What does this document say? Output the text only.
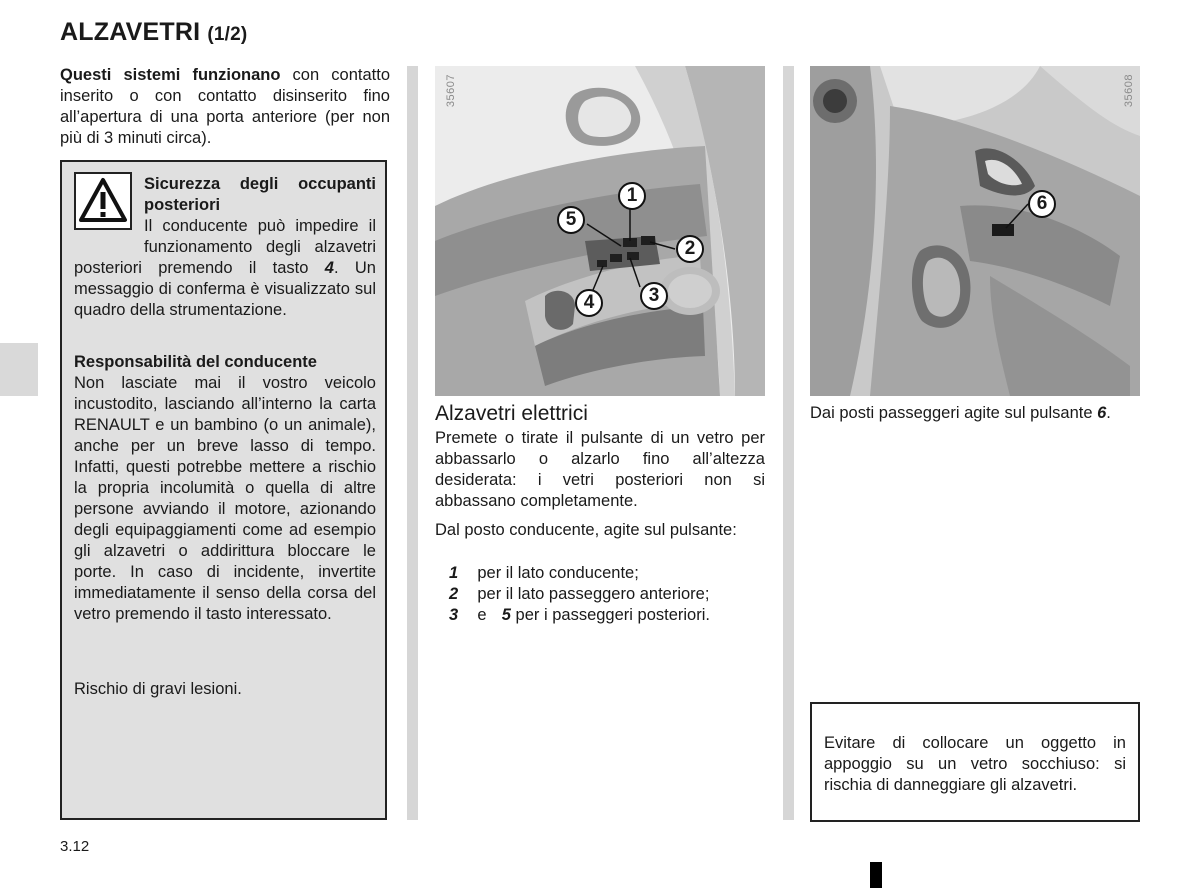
ALZAVETRI (1/2)
Questi sistemi funzionano con contatto inserito o con contatto disinserito fino all’apertura di una porta anteriore (per non più di 3 minuti circa).
Sicurezza degli occupanti posteriori
Il conducente può impedire il funzionamento degli alzavetri posteriori premendo il tasto 4. Un messaggio di conferma è visualizzato sul quadro della strumentazione.
Responsabilità del conducente
Non lasciate mai il vostro veicolo incustodito, lasciando all’interno la carta RENAULT e un bambino (o un animale), anche per un breve lasso di tempo. Infatti, questi potrebbe mettere a rischio la propria incolumità o quella di altre persone avviando il motore, azionando degli equipaggiamenti come ad esempio gli alzavetri o addirittura bloccare le porte. In caso di incidente, invertite immediatamente il senso della corsa del vetro premendo il tasto interessato.
Rischio di gravi lesioni.
35607
1
2
3
4
5
Alzavetri elettrici
Premete o tirate il pulsante di un vetro per abbassarlo o alzarlo fino all’altezza desiderata: i vetri posteriori non si abbassano completamente.
Dal posto conducente, agite sul pulsante:
1 per il lato conducente;
2 per il lato passeggero anteriore;
3 e 5 per i passeggeri posteriori.
35608
6
Dai posti passeggeri agite sul pulsante 6.
Evitare di collocare un oggetto in appoggio su un vetro socchiuso: si rischia di danneggiare gli alzavetri.
3.12
